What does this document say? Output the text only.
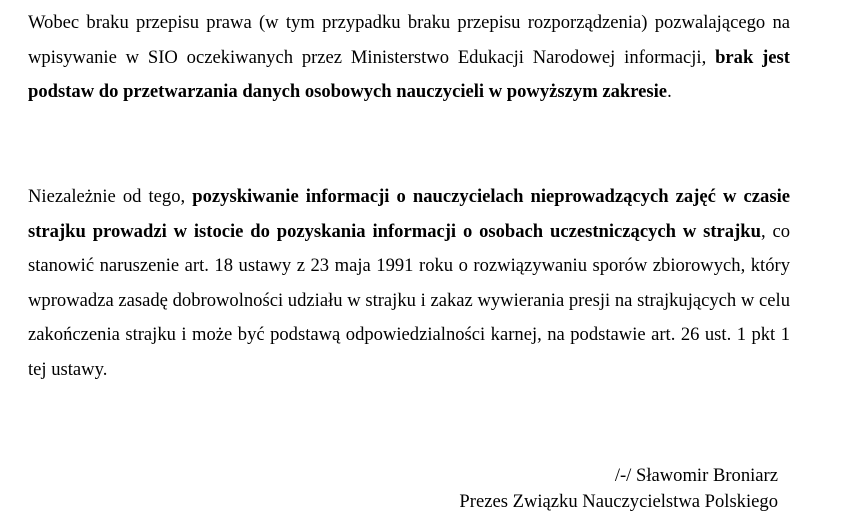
Wobec braku przepisu prawa (w tym przypadku braku przepisu rozporządzenia) pozwalającego na wpisywanie w SIO oczekiwanych przez Ministerstwo Edukacji Narodowej informacji, brak jest podstaw do przetwarzania danych osobowych nauczycieli w powyższym zakresie.

Niezależnie od tego, pozyskiwanie informacji o nauczycielach nieprowadzących zajęć w czasie strajku prowadzi w istocie do pozyskania informacji o osobach uczestniczących w strajku, co stanowić naruszenie art. 18 ustawy z 23 maja 1991 roku o rozwiązywaniu sporów zbiorowych, który wprowadza zasadę dobrowolności udziału w strajku i zakaz wywierania presji na strajkujących w celu zakończenia strajku i może być podstawą odpowiedzialności karnej, na podstawie art. 26 ust. 1 pkt 1 tej ustawy.

/-/ Sławomir Broniarz
Prezes Związku Nauczycielstwa Polskiego
